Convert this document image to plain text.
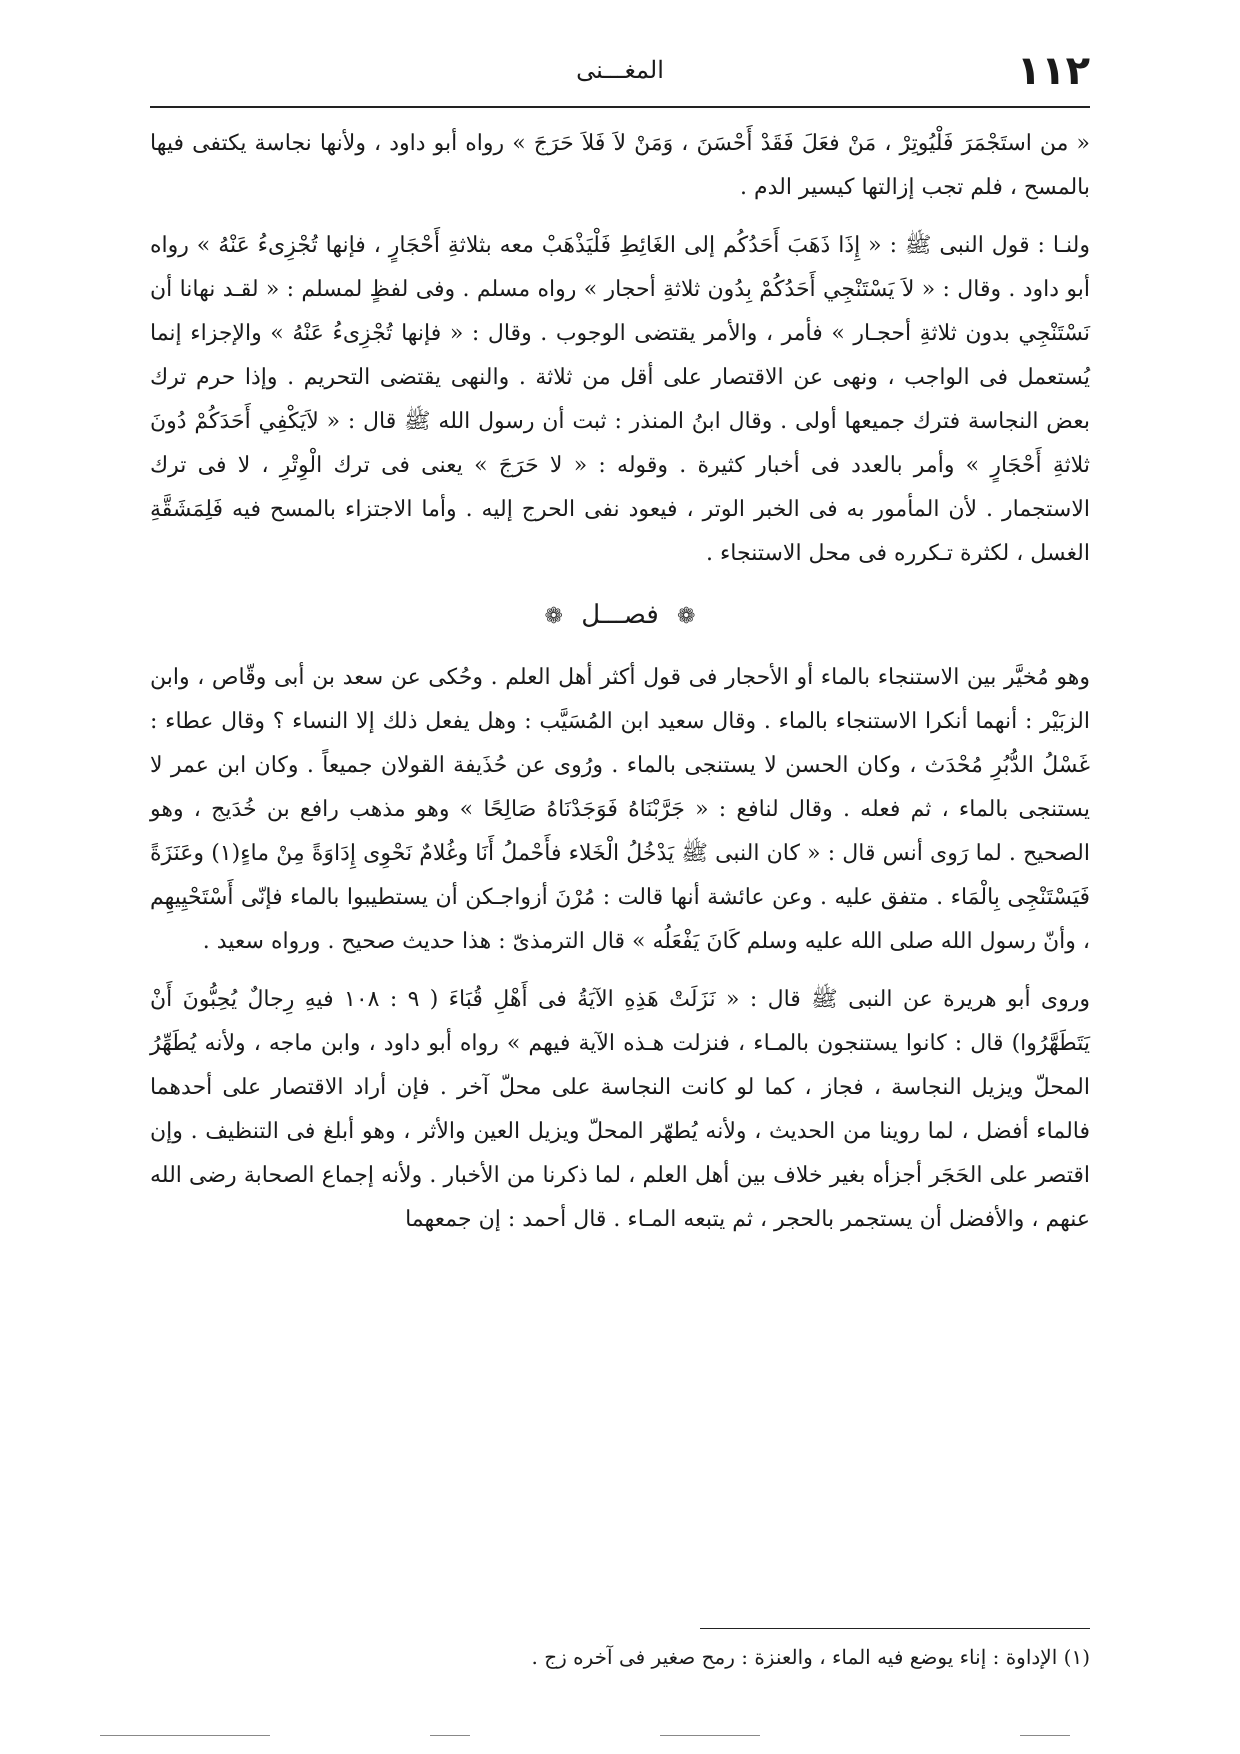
١١٢
المغـــنى

« من استَجْمَرَ فَلْيُوتِرْ ، مَنْ فعَلَ فَقَدْ أَحْسَنَ ، وَمَنْ لاَ فَلاَ حَرَجَ » رواه أبو داود ، ولأنها نجاسة يكتفى فيها بالمسح ، فلم تجب إزالتها كيسير الدم .

ولنـا : قول النبى ﷺ : « إِذَا ذَهَبَ أَحَدُكُم إلى الغَائِطِ فَلْيَذْهَبْ معه بثلاثةِ أَحْجَارٍ ، فإنها تُجْزِىءُ عَنْهُ » رواه أبو داود . وقال : « لاَ يَسْتَنْجِي أَحَدُكُمْ بِدُون ثلاثةِ أحجار » رواه مسلم . وفى لفظٍ لمسلم : « لقـد نهانا أن نَسْتَنْجِي بدون ثلاثةِ أحجـار » فأمر ، والأمر يقتضى الوجوب . وقال : « فإنها تُجْزِىءُ عَنْهُ » والإجزاء إنما يُستعمل فى الواجب ، ونهى عن الاقتصار على أقل من ثلاثة . والنهى يقتضى التحريم . وإذا حرم ترك بعض النجاسة فترك جميعها أولى . وقال ابنُ المنذر : ثبت أن رسول الله ﷺ قال : « لاَيَكْفِي أَحَدَكُمْ دُونَ ثلاثةِ أَحْجَارٍ » وأمر بالعدد فى أخبار كثيرة . وقوله : « لا حَرَجَ » يعنى فى ترك الْوِتْرِ ، لا فى ترك الاستجمار . لأن المأمور به فى الخبر الوتر ، فيعود نفى الحرج إليه . وأما الاجتزاء بالمسح فيه فَلِمَشَقَّةِ الغسل ، لكثرة تـكرره فى محل الاستنجاء .

❁ فصـــل ❁

وهو مُخيَّر بين الاستنجاء بالماء أو الأحجار فى قول أكثر أهل العلم . وحُكى عن سعد بن أبى وقّاص ، وابن الزبَيْر : أنهما أنكرا الاستنجاء بالماء . وقال سعيد ابن المُسَيَّب : وهل يفعل ذلك إلا النساء ؟ وقال عطاء : غَسْلُ الدُّبُرِ مُحْدَث ، وكان الحسن لا يستنجى بالماء . ورُوى عن حُذَيفة القولان جميعاً . وكان ابن عمر لا يستنجى بالماء ، ثم فعله . وقال لنافع : « جَرَّبْنَاهُ فَوَجَدْنَاهُ صَالِحًا » وهو مذهب رافع بن خُدَيج ، وهو الصحيح . لما رَوى أنس قال : « كان النبى ﷺ يَدْخُلُ الْخَلاء فأَحْملُ أَنَا وغُلامٌ نَحْوِى إِدَاوَةً مِنْ ماءٍ(١) وعَنَزَةً فَيَسْتَنْجِى بِالْمَاء . متفق عليه . وعن عائشة أنها قالت : مُرْنَ أزواجـكن أن يستطيبوا بالماء فإنّى أَسْتَحْيِيهِم ، وأنّ رسول الله صلى الله عليه وسلم كَانَ يَفْعَلُه » قال الترمذىّ : هذا حديث صحيح . ورواه سعيد .

وروى أبو هريرة عن النبى ﷺ قال : « نَزَلَتْ هَذِهِ الآيَةُ فى أَهْلِ قُبَاءَ ( ٩ : ١٠٨ فيهِ رِجالٌ يُحِبُّونَ أَنْ يَتَطَهَّرُوا) قال : كانوا يستنجون بالمـاء ، فنزلت هـذه الآية فيهم » رواه أبو داود ، وابن ماجه ، ولأنه يُطَهِّرُ المحلّ ويزيل النجاسة ، فجاز ، كما لو كانت النجاسة على محلّ آخر . فإن أراد الاقتصار على أحدهما فالماء أفضل ، لما روينا من الحديث ، ولأنه يُطهّر المحلّ ويزيل العين والأثر ، وهو أبلغ فى التنظيف . وإن اقتصر على الحَجَر أجزأه بغير خلاف بين أهل العلم ، لما ذكرنا من الأخبار . ولأنه إجماع الصحابة رضى الله عنهم ، والأفضل أن يستجمر بالحجر ، ثم يتبعه المـاء . قال أحمد : إن جمعهما

(١) الإداوة : إناء يوضع فيه الماء ، والعنزة : رمح صغير فى آخره زج .
